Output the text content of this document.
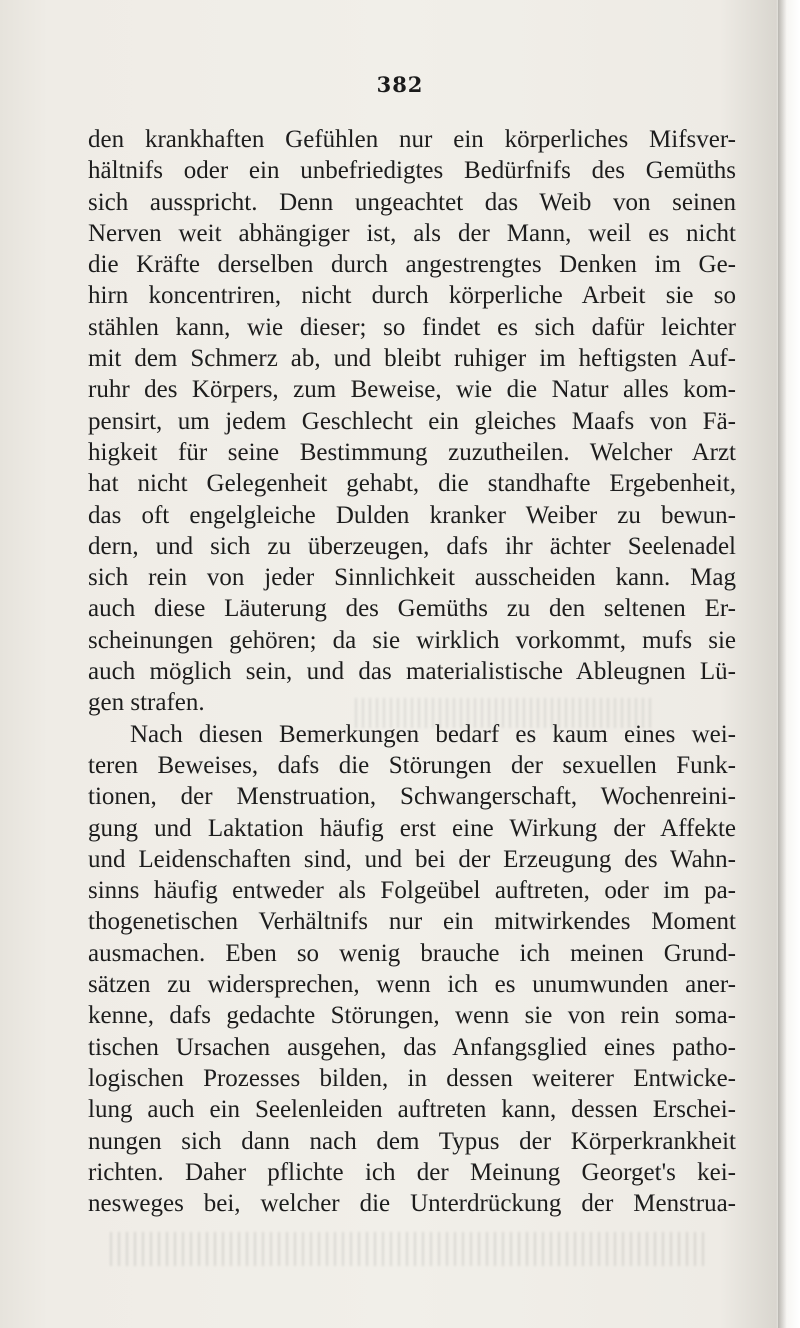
382
den krankhaften Gefühlen nur ein körperliches Mifsver-
hältnifs oder ein unbefriedigtes Bedürfnifs des Gemüths
sich ausspricht. Denn ungeachtet das Weib von seinen
Nerven weit abhängiger ist, als der Mann, weil es nicht
die Kräfte derselben durch angestrengtes Denken im Ge-
hirn koncentriren, nicht durch körperliche Arbeit sie so
stählen kann, wie dieser; so findet es sich dafür leichter
mit dem Schmerz ab, und bleibt ruhiger im heftigsten Auf-
ruhr des Körpers, zum Beweise, wie die Natur alles kom-
pensirt, um jedem Geschlecht ein gleiches Maafs von Fä-
higkeit für seine Bestimmung zuzutheilen. Welcher Arzt
hat nicht Gelegenheit gehabt, die standhafte Ergebenheit,
das oft engelgleiche Dulden kranker Weiber zu bewun-
dern, und sich zu überzeugen, dafs ihr ächter Seelenadel
sich rein von jeder Sinnlichkeit ausscheiden kann. Mag
auch diese Läuterung des Gemüths zu den seltenen Er-
scheinungen gehören; da sie wirklich vorkommt, mufs sie
auch möglich sein, und das materialistische Ableugnen Lü-
gen strafen.
Nach diesen Bemerkungen bedarf es kaum eines wei-
teren Beweises, dafs die Störungen der sexuellen Funk-
tionen, der Menstruation, Schwangerschaft, Wochenreini-
gung und Laktation häufig erst eine Wirkung der Affekte
und Leidenschaften sind, und bei der Erzeugung des Wahn-
sinns häufig entweder als Folgeübel auftreten, oder im pa-
thogenetischen Verhältnifs nur ein mitwirkendes Moment
ausmachen. Eben so wenig brauche ich meinen Grund-
sätzen zu widersprechen, wenn ich es unumwunden aner-
kenne, dafs gedachte Störungen, wenn sie von rein soma-
tischen Ursachen ausgehen, das Anfangsglied eines patho-
logischen Prozesses bilden, in dessen weiterer Entwicke-
lung auch ein Seelenleiden auftreten kann, dessen Erschei-
nungen sich dann nach dem Typus der Körperkrankheit
richten. Daher pflichte ich der Meinung Georget's kei-
nesweges bei, welcher die Unterdrückung der Menstrua-
